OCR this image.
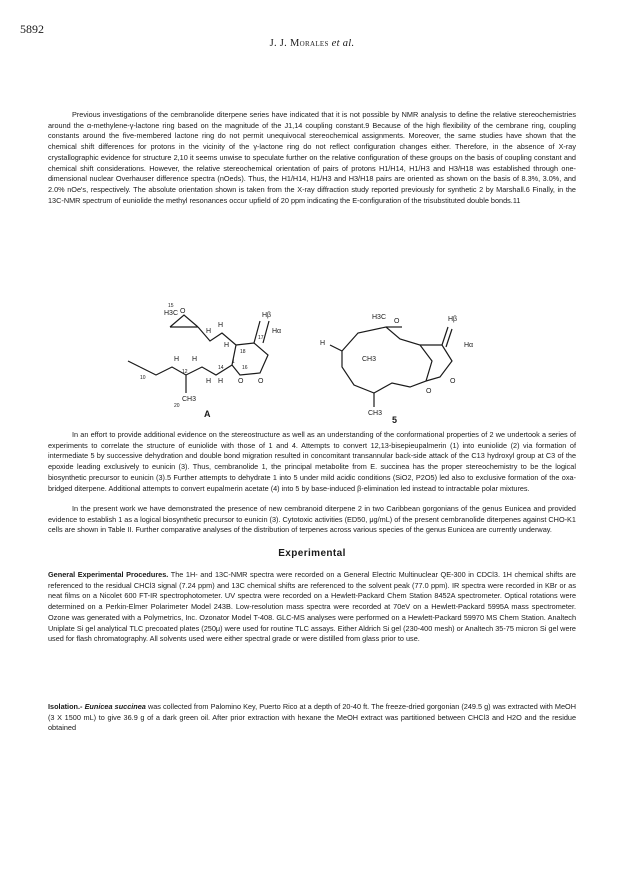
5892
J. J. Morales et al.
Previous investigations of the cembranolide diterpene series have indicated that it is not possible by NMR analysis to define the relative stereochemistries around the α-methylene-γ-lactone ring based on the magnitude of the J1,14 coupling constant.9 Because of the high flexibility of the cembrane ring, coupling constants around the five-membered lactone ring do not permit unequivocal stereochemical assignments. Moreover, the same studies have shown that the chemical shift differences for protons in the vicinity of the γ-lactone ring do not reflect configuration changes either. Therefore, in the absence of X-ray crystallographic evidence for structure 2,10 it seems unwise to speculate further on the relative configuration of these groups on the basis of coupling constant and chemical shift considerations. However, the relative stereochemical orientation of pairs of protons H1/H14, H1/H3 and H3/H18 was established through one-dimensional nuclear Overhauser difference spectra (nOeds). Thus, the H1/H14, H1/H3 and H3/H18 pairs are oriented as shown on the basis of 8.3%, 3.0%, and 2.0% nOe's, respectively. The absolute orientation shown is taken from the X-ray diffraction study reported previously for synthetic 2 by Marshall.6 Finally, in the 13C-NMR spectrum of euniolide the methyl resonances occur upfield of 20 ppm indicating the E-configuration of the trisubstituted double bonds.11
H3C O
H
H
Hβ
H
17
Hα
H H
14
18
12
1
10
16
H H O O
CH3
20
15
A
H3C
O
H
Hβ
CH3
Hα
O
O
CH3
5
In an effort to provide additional evidence on the stereostructure as well as an understanding of the conformational properties of 2 we undertook a series of experiments to correlate the structure of euniolide with those of 1 and 4. Attempts to convert 12,13-bisepieupalmerin (1) into euniolide (2) via formation of intermediate 5 by successive dehydration and double bond migration resulted in concomitant transannular back-side attack of the C13 hydroxyl group at C3 of the epoxide leading exclusively to eunicin (3). Thus, cembranolide 1, the principal metabolite from E. succinea has the proper stereochemistry to be the logical biosynthetic precursor to eunicin (3).5 Further attempts to dehydrate 1 into 5 under mild acidic conditions (SiO2, P2O5) led also to exclusive formation of the oxa-bridged diterpene. Additional attempts to convert eupalmerin acetate (4) into 5 by base-induced β-elimination led instead to intractable polar mixtures.
In the present work we have demonstrated the presence of new cembranoid diterpene 2 in two Caribbean gorgonians of the genus Eunicea and provided evidence to establish 1 as a logical biosynthetic precursor to eunicin (3). Cytotoxic activities (ED50, μg/mL) of the present cembranolide diterpenes against CHO-K1 cells are shown in Table II. Further comparative analyses of the distribution of terpenes across various species of the genus Eunicea are currently underway.
Experimental
General Experimental Procedures. The 1H- and 13C-NMR spectra were recorded on a General Electric Multinuclear QE-300 in CDCl3. 1H chemical shifts are referenced to the residual CHCl3 signal (7.24 ppm) and 13C chemical shifts are referenced to the solvent peak (77.0 ppm). IR spectra were recorded in KBr or as neat films on a Nicolet 600 FT-IR spectrophotometer. UV spectra were recorded on a Hewlett-Packard Chem Station 8452A spectrometer. Optical rotations were determined on a Perkin-Elmer Polarimeter Model 243B. Low-resolution mass spectra were recorded at 70eV on a Hewlett-Packard 5995A mass spectrometer. Ozone was generated with a Polymetrics, Inc. Ozonator Model T-408. GLC-MS analyses were performed on a Hewlett-Packard 59970 MS Chem Station. Analtech Uniplate Si gel analytical TLC precoated plates (250μ) were used for routine TLC assays. Either Aldrich Si gel (230-400 mesh) or Analtech 35-75 micron Si gel were used for flash chromatography. All solvents used were either spectral grade or were distilled from glass prior to use.
Isolation.- Eunicea succinea was collected from Palomino Key, Puerto Rico at a depth of 20-40 ft. The freeze-dried gorgonian (249.5 g) was extracted with MeOH (3 X 1500 mL) to give 36.9 g of a dark green oil. After prior extraction with hexane the MeOH extract was partitioned between CHCl3 and H2O and the residue obtained
